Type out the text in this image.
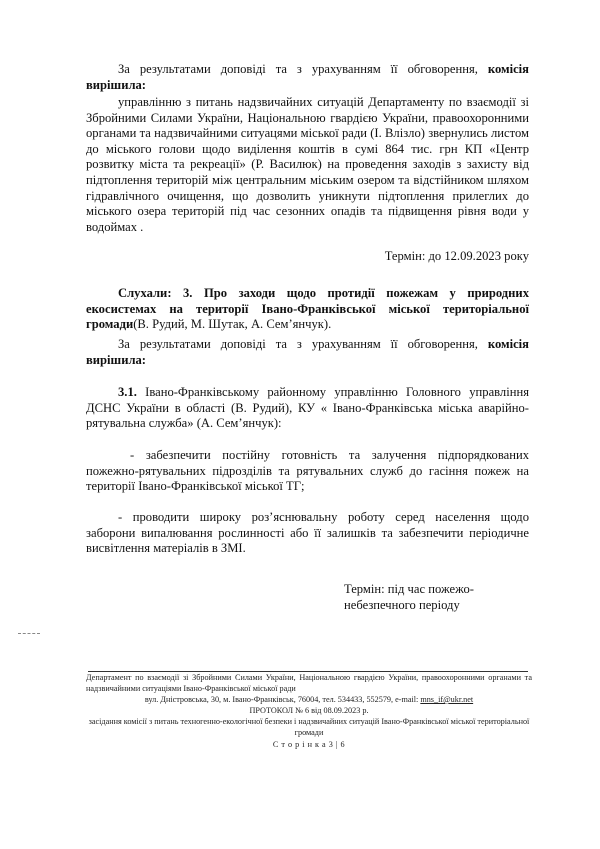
За результатами доповіді та з урахуванням її обговорення, комісія вирішила:

управлінню з питань надзвичайних ситуацій Департаменту по взаємодії зі Збройними Силами України, Національною гвардією України, правоохоронними органами та надзвичайними ситуацями міської ради (І. Влізло) звернулись листом до міського голови щодо виділення коштів в сумі 864 тис. грн КП «Центр розвитку міста та рекреації» (Р. Василюк) на проведення заходів з захисту від підтоплення територій між центральним міським озером та відстійником шляхом гідравлічного очищення, що дозволить уникнути підтоплення прилеглих до міського озера територій під час сезонних опадів та підвищення рівня води у водоймах .

Термін: до 12.09.2023 року

Слухали: 3. Про заходи щодо протидії пожежам у природних екосистемах на території Івано-Франківської міської територіальної громади(В. Рудий, М. Шутак, А. Сем’янчук).

За результатами доповіді та з урахуванням її обговорення, комісія вирішила:

3.1. Івано-Франківському районному управлінню Головного управління ДСНС України в області (В. Рудий), КУ « Івано-Франківська міська аварійно-рятувальна служба» (А. Сем’янчук):

- забезпечити постійну готовність та залучення підпорядкованих пожежно-рятувальних підрозділів та рятувальних служб до гасіння пожеж на території Івано-Франківської міської ТГ;

- проводити широку роз’яснювальну роботу серед населення щодо заборони випалювання рослинності або її залишків та забезпечити періодичне висвітлення матеріалів в ЗМІ.

Термін: під час пожежо-
небезпечного періоду

Департамент по взаємодії зі Збройними Силами України, Національною гвардією України, правоохоронними органами та надзвичайними ситуаціями Івано-Франківської міської ради

вул. Дністровська, 30, м. Івано-Франківськ, 76004, тел. 534433, 552579, e-mail: mns_if@ukr.net

ПРОТОКОЛ № 6 від 08.09.2023 р.

засідання комісії з питань техногенно-екологічної безпеки і надзвичайних ситуацій Івано-Франківської міської територіальної громади

С т о р і н к а 3 | 6
